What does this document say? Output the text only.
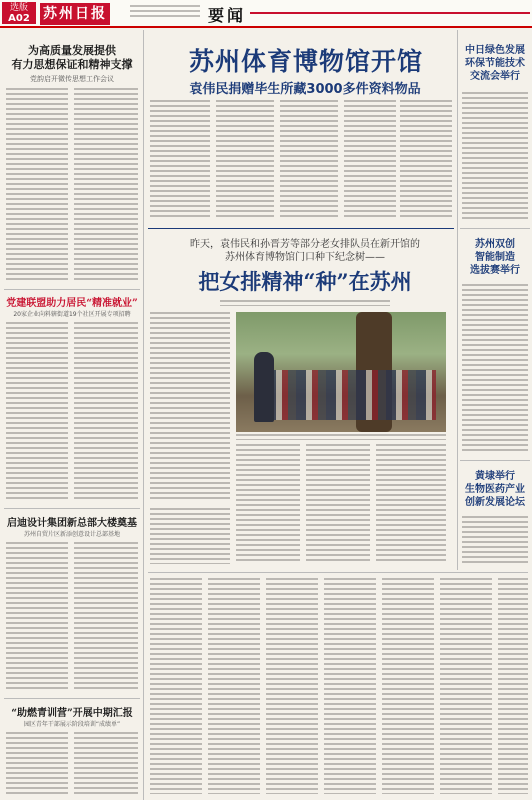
选版
A02 苏州日报	要闻
为高质量发展提供
有力思想保证和精神支撑
党韵启开微传思想工作会议
党建联盟助力居民“精准就业”
20家企业向料辖街道19个社区开展专项招聘
启迪设计集团新总部大楼奠基
苏州自贸片区新添创意设计总部基地
“助燃青训营”开展中期汇报
园区青年干部展示阶段培训“成绩单”
苏州体育博物馆开馆
袁伟民捐赠毕生所藏3000多件资料物品
昨天，袁伟民和孙晋芳等部分老女排队员在新开馆的
苏州体育博物馆门口种下纪念树——
把女排精神“种”在苏州
中日绿色发展
环保节能技术
交流会举行
苏州双创
智能制造
选拔赛举行
黄埭举行
生物医药产业
创新发展论坛
